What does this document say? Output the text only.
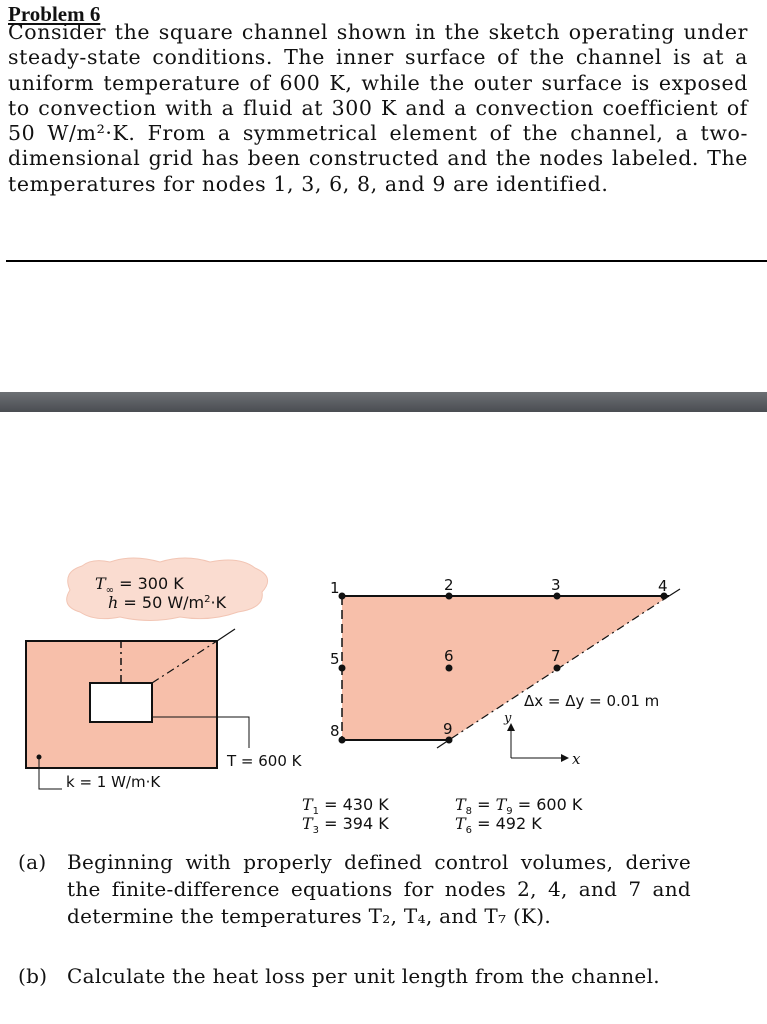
Problem 6
Consider the square channel shown in the sketch operating under steady-state conditions. The inner surface of the channel is at a uniform temperature of 600 K, while the outer surface is exposed to convection with a fluid at 300 K and a convection coefficient of 50 W/m²·K. From a symmetrical element of the channel, a two-dimensional grid has been constructed and the nodes labeled. The temperatures for nodes 1, 3, 6, 8, and 9 are identified.
$T_\infty = 300$ K
h = 50 $W/m^2\cdot K$
T = 600 K
k = 1 W/m·K
1	2	3	4
5	6	7
8	9
Δx = Δy = 0.01 m
y
x
$T_1 = 430$ K
$T_3 = 394$ K
$T_8 = T_9 = 600$ K
$T_6 = 492$ K
(a) Beginning with properly defined control volumes, derive the finite-difference equations for nodes 2, 4, and 7 and determine the temperatures T₂, T₄, and T₇ (K).
(b) Calculate the heat loss per unit length from the channel.
